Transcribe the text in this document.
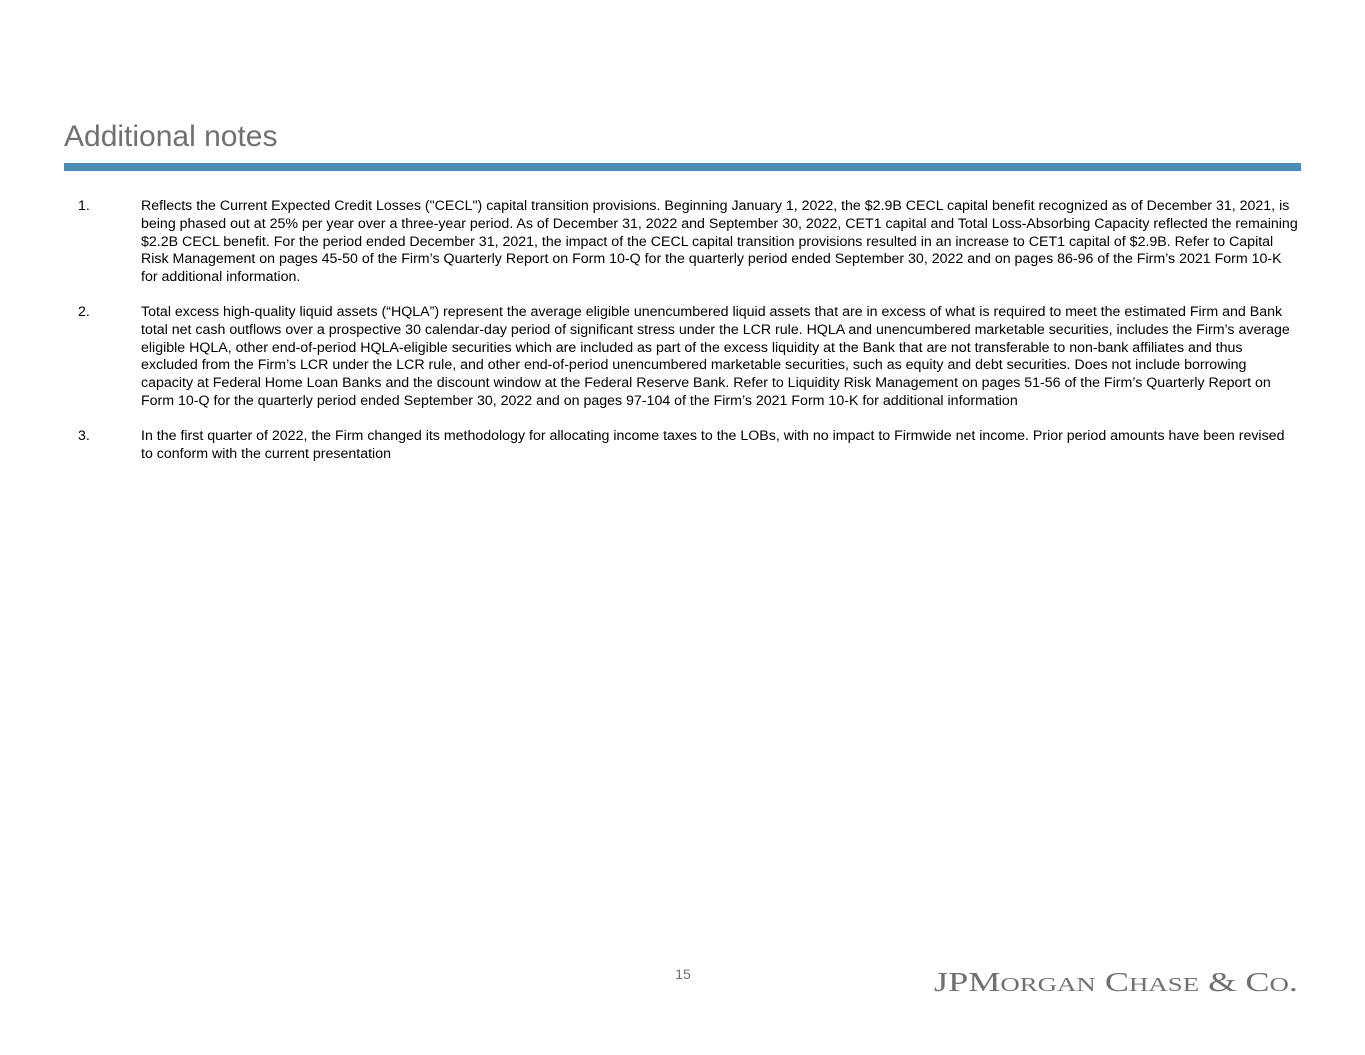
Additional notes
1.	Reflects the Current Expected Credit Losses ("CECL") capital transition provisions. Beginning January 1, 2022, the $2.9B CECL capital benefit recognized as of December 31, 2021, is being phased out at 25% per year over a three-year period. As of December 31, 2022 and September 30, 2022, CET1 capital and Total Loss-Absorbing Capacity reflected the remaining $2.2B CECL benefit. For the period ended December 31, 2021, the impact of the CECL capital transition provisions resulted in an increase to CET1 capital of $2.9B. Refer to Capital Risk Management on pages 45-50 of the Firm’s Quarterly Report on Form 10-Q for the quarterly period ended September 30, 2022 and on pages 86-96 of the Firm’s 2021 Form 10-K for additional information.
2.	Total excess high-quality liquid assets (“HQLA”) represent the average eligible unencumbered liquid assets that are in excess of what is required to meet the estimated Firm and Bank total net cash outflows over a prospective 30 calendar-day period of significant stress under the LCR rule. HQLA and unencumbered marketable securities, includes the Firm’s average eligible HQLA, other end-of-period HQLA-eligible securities which are included as part of the excess liquidity at the Bank that are not transferable to non-bank affiliates and thus excluded from the Firm’s LCR under the LCR rule, and other end-of-period unencumbered marketable securities, such as equity and debt securities. Does not include borrowing capacity at Federal Home Loan Banks and the discount window at the Federal Reserve Bank. Refer to Liquidity Risk Management on pages 51-56 of the Firm’s Quarterly Report on Form 10-Q for the quarterly period ended September 30, 2022 and on pages 97-104 of the Firm’s 2021 Form 10-K for additional information
3.	In the first quarter of 2022, the Firm changed its methodology for allocating income taxes to the LOBs, with no impact to Firmwide net income. Prior period amounts have been revised to conform with the current presentation
15	JPM ORGAN C HASE & C O .
